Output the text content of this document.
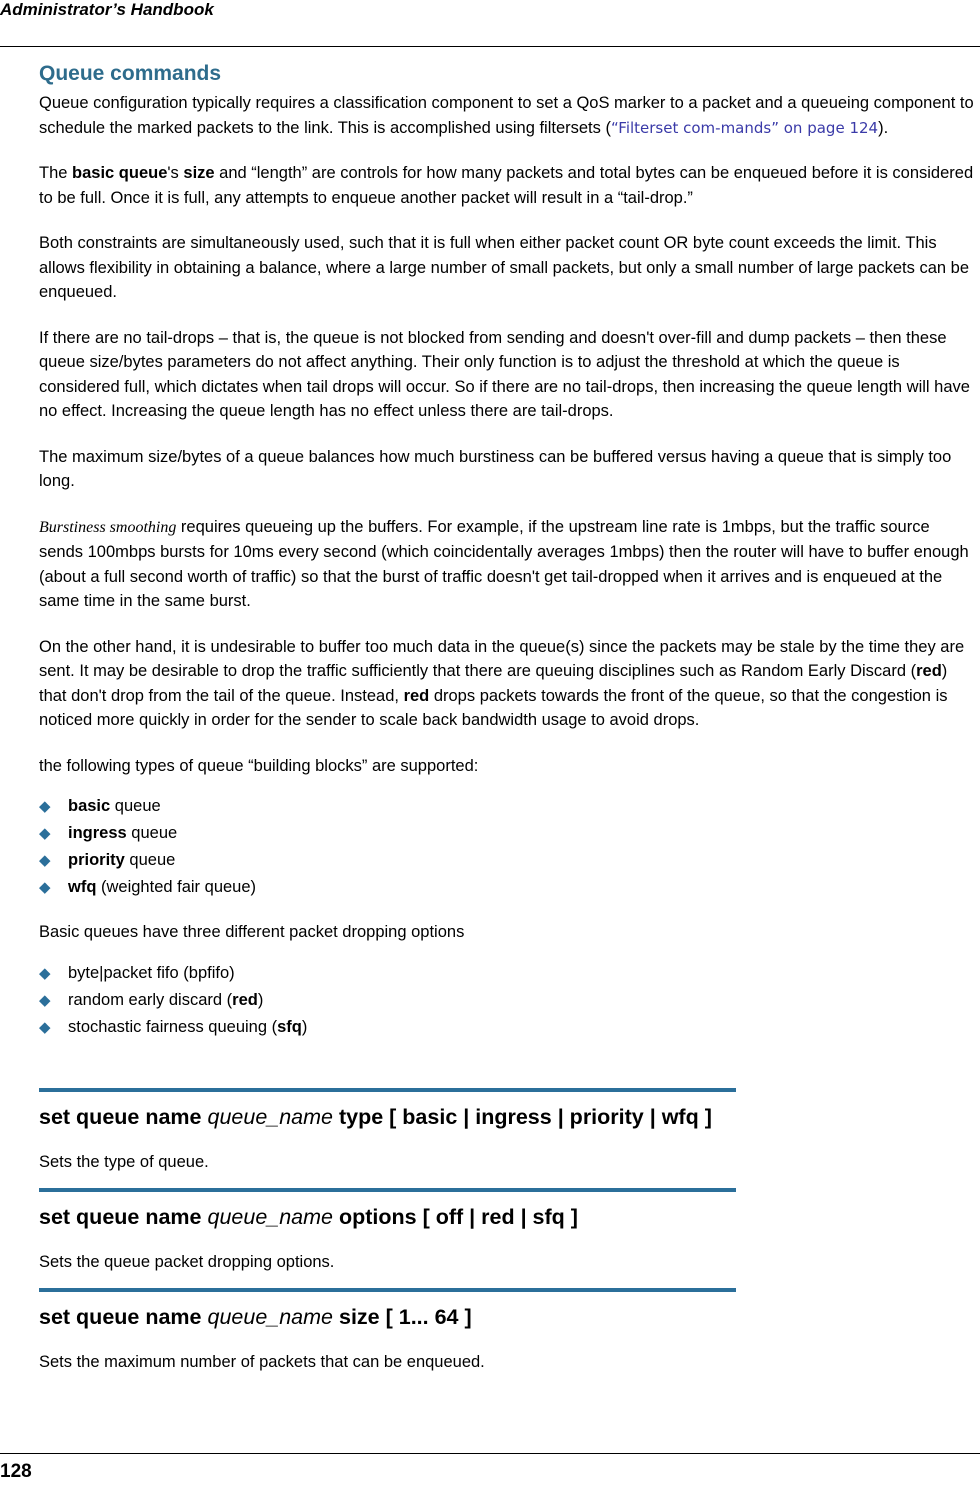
Administrator’s Handbook
Queue commands

Queue configuration typically requires a classification component to set a QoS marker to a packet and a queueing component to schedule the marked packets to the link. This is accomplished using filtersets (“Filterset com-mands” on page 124).

The basic queue's size and “length” are controls for how many packets and total bytes can be enqueued before it is considered to be full. Once it is full, any attempts to enqueue another packet will result in a “tail-drop.”

Both constraints are simultaneously used, such that it is full when either packet count OR byte count exceeds the limit. This allows flexibility in obtaining a balance, where a large number of small packets, but only a small number of large packets can be enqueued.

If there are no tail-drops – that is, the queue is not blocked from sending and doesn't over-fill and dump packets – then these queue size/bytes parameters do not affect anything. Their only function is to adjust the threshold at which the queue is considered full, which dictates when tail drops will occur. So if there are no tail-drops, then increasing the queue length will have no effect. Increasing the queue length has no effect unless there are tail-drops.

The maximum size/bytes of a queue balances how much burstiness can be buffered versus having a queue that is simply too long.

Burstiness smoothing requires queueing up the buffers. For example, if the upstream line rate is 1mbps, but the traffic source sends 100mbps bursts for 10ms every second (which coincidentally averages 1mbps) then the router will have to buffer enough (about a full second worth of traffic) so that the burst of traffic doesn't get tail-dropped when it arrives and is enqueued at the same time in the same burst.

On the other hand, it is undesirable to buffer too much data in the queue(s) since the packets may be stale by the time they are sent. It may be desirable to drop the traffic sufficiently that there are queuing disciplines such as Random Early Discard (red) that don't drop from the tail of the queue. Instead, red drops packets towards the front of the queue, so that the congestion is noticed more quickly in order for the sender to scale back bandwidth usage to avoid drops.

the following types of queue “building blocks” are supported:

◆ basic queue
◆ ingress queue
◆ priority queue
◆ wfq (weighted fair queue)

Basic queues have three different packet dropping options

◆ byte|packet fifo (bpfifo)
◆ random early discard (red)
◆ stochastic fairness queuing (sfq)
set queue name queue_name type [ basic | ingress | priority | wfq ]
Sets the type of queue.
set queue name queue_name options [ off | red | sfq ]
Sets the queue packet dropping options.
set queue name queue_name size [ 1... 64 ]
Sets the maximum number of packets that can be enqueued.
128
